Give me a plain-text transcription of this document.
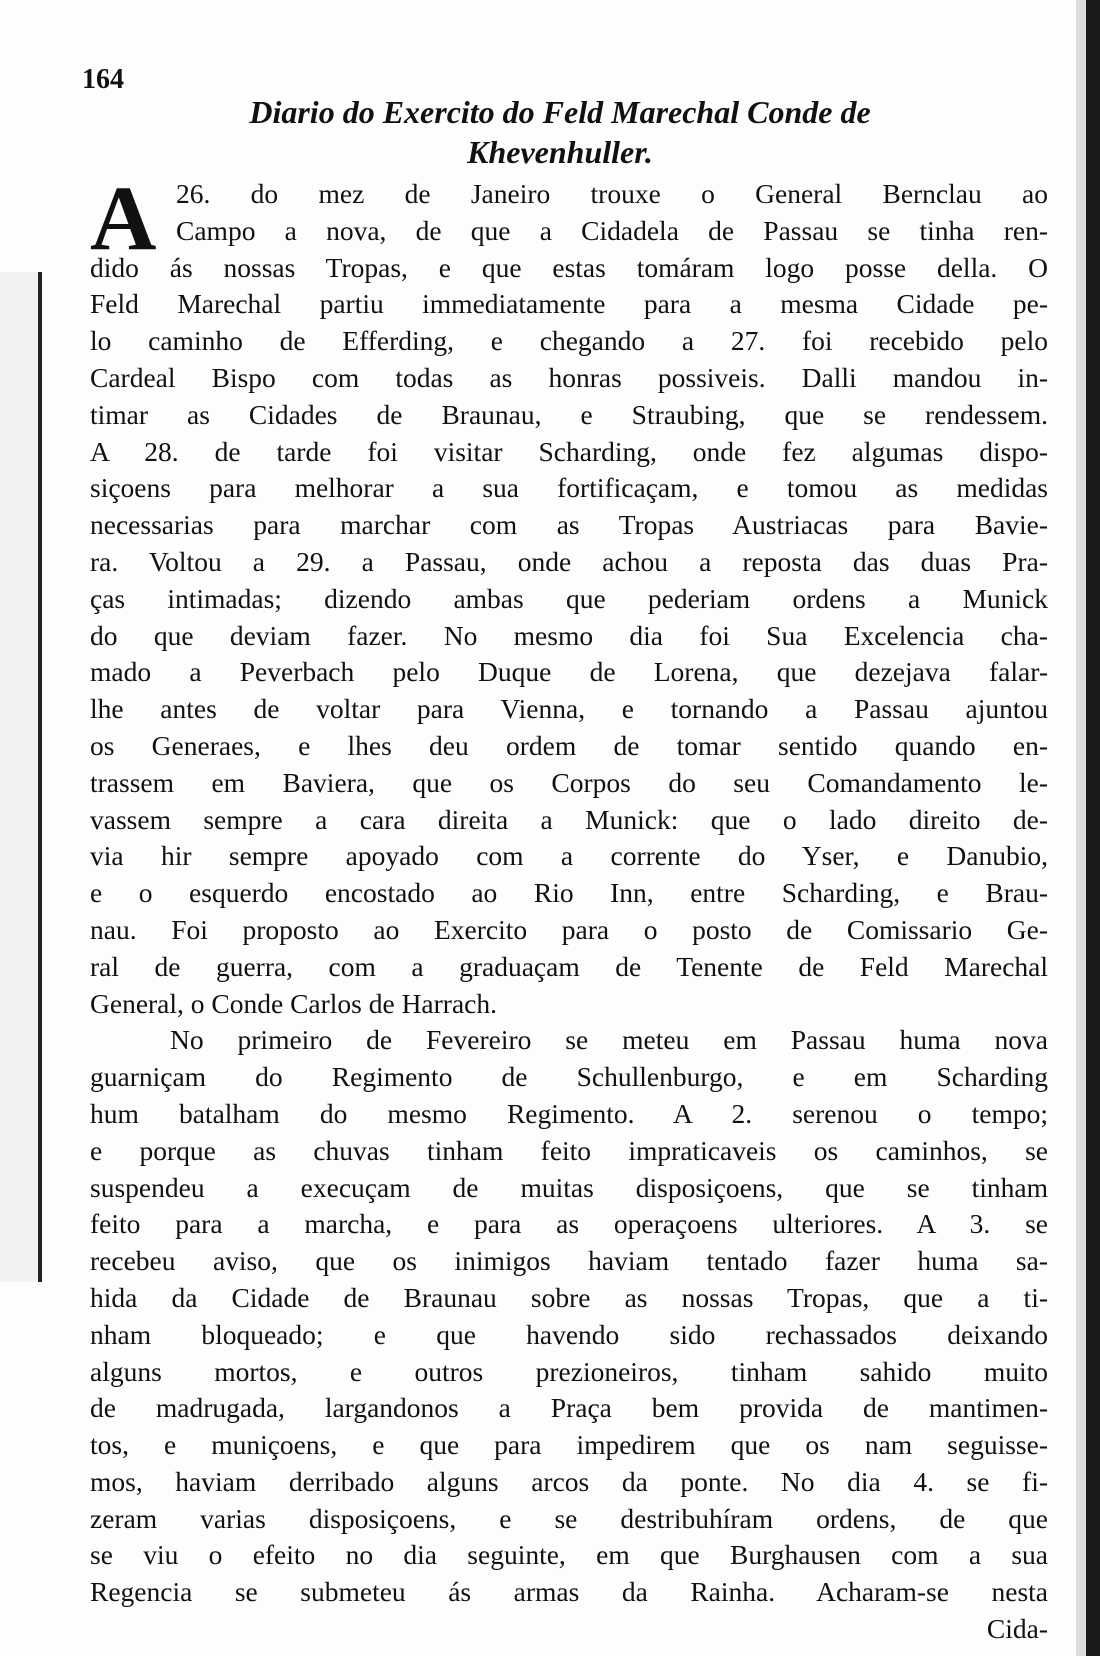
164
Diario do Exercito do Feld Marechal Conde de
Khevenhuller.
A 26. do mez de Janeiro trouxe o General Bernclau ao
Campo a nova, de que a Cidadela de Passau se tinha ren-
dido ás nossas Tropas, e que estas tomáram logo posse della. O
Feld Marechal partiu immediatamente para a mesma Cidade pe-
lo caminho de Efferding, e chegando a 27. foi recebido pelo
Cardeal Bispo com todas as honras possiveis. Dalli mandou in-
timar as Cidades de Braunau, e Straubing, que se rendessem.
A 28. de tarde foi visitar Scharding, onde fez algumas dispo-
siçoens para melhorar a sua fortificaçam, e tomou as medidas
necessarias para marchar com as Tropas Austriacas para Bavie-
ra. Voltou a 29. a Passau, onde achou a reposta das duas Pra-
ças intimadas; dizendo ambas que pederiam ordens a Munick
do que deviam fazer. No mesmo dia foi Sua Excelencia cha-
mado a Peverbach pelo Duque de Lorena, que dezejava falar-
lhe antes de voltar para Vienna, e tornando a Passau ajuntou
os Generaes, e lhes deu ordem de tomar sentido quando en-
trassem em Baviera, que os Corpos do seu Comandamento le-
vassem sempre a cara direita a Munick: que o lado direito de-
via hir sempre apoyado com a corrente do Yser, e Danubio,
e o esquerdo encostado ao Rio Inn, entre Scharding, e Brau-
nau. Foi proposto ao Exercito para o posto de Comissario Ge-
ral de guerra, com a graduaçam de Tenente de Feld Marechal
General, o Conde Carlos de Harrach.
No primeiro de Fevereiro se meteu em Passau huma nova
guarniçam do Regimento de Schullenburgo, e em Scharding
hum batalham do mesmo Regimento. A 2. serenou o tempo;
e porque as chuvas tinham feito impraticaveis os caminhos, se
suspendeu a execuçam de muitas disposiçoens, que se tinham
feito para a marcha, e para as operaçoens ulteriores. A 3. se
recebeu aviso, que os inimigos haviam tentado fazer huma sa-
hida da Cidade de Braunau sobre as nossas Tropas, que a ti-
nham bloqueado; e que havendo sido rechassados deixando
alguns mortos, e outros prezioneiros, tinham sahido muito
de madrugada, largandonos a Praça bem provida de mantimen-
tos, e muniçoens, e que para impedirem que os nam seguisse-
mos, haviam derribado alguns arcos da ponte. No dia 4. se fi-
zeram varias disposiçoens, e se destribuhíram ordens, de que
se viu o efeito no dia seguinte, em que Burghausen com a sua
Regencia se submeteu ás armas da Rainha. Acharam-se nesta
Cida-
